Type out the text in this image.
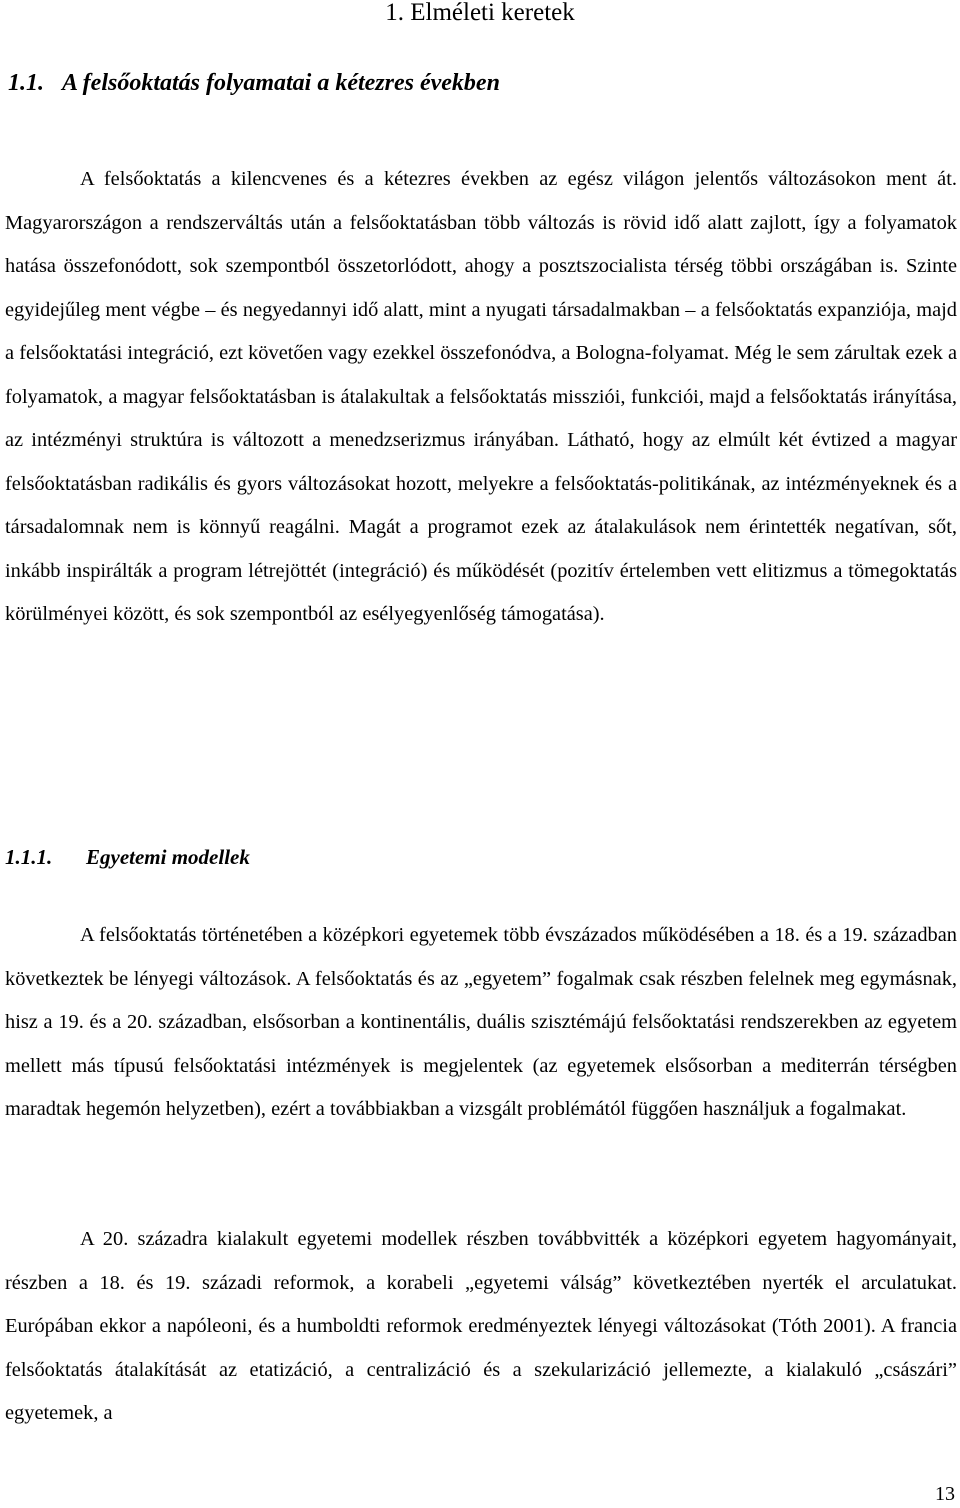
1. Elméleti keretek
1.1. A felsőoktatás folyamatai a kétezres években

A felsőoktatás a kilencvenes és a kétezres években az egész világon jelentős változásokon ment át. Magyarországon a rendszerváltás után a felsőoktatásban több változás is rövid idő alatt zajlott, így a folyamatok hatása összefonódott, sok szempontból összetorlódott, ahogy a posztszocialista térség többi országában is. Szinte egyidejűleg ment végbe – és negyedannyi idő alatt, mint a nyugati társadalmakban – a felsőoktatás expanziója, majd a felsőoktatási integráció, ezt követően vagy ezekkel összefonódva, a Bologna-folyamat. Még le sem zárultak ezek a folyamatok, a magyar felsőoktatásban is átalakultak a felsőoktatás missziói, funkciói, majd a felsőoktatás irányítása, az intézményi struktúra is változott a menedzserizmus irányában. Látható, hogy az elmúlt két évtized a magyar felsőoktatásban radikális és gyors változásokat hozott, melyekre a felsőoktatás-politikának, az intézményeknek és a társadalomnak nem is könnyű reagálni. Magát a programot ezek az átalakulások nem érintették negatívan, sőt, inkább inspirálták a program létrejöttét (integráció) és működését (pozitív értelemben vett elitizmus a tömegoktatás körülményei között, és sok szempontból az esélyegyenlőség támogatása).

1.1.1. Egyetemi modellek

A felsőoktatás történetében a középkori egyetemek több évszázados működésében a 18. és a 19. században következtek be lényegi változások. A felsőoktatás és az „egyetem” fogalmak csak részben felelnek meg egymásnak, hisz a 19. és a 20. században, elsősorban a kontinentális, duális szisztémájú felsőoktatási rendszerekben az egyetem mellett más típusú felsőoktatási intézmények is megjelentek (az egyetemek elsősorban a mediterrán térségben maradtak hegemón helyzetben), ezért a továbbiakban a vizsgált problémától függően használjuk a fogalmakat.

A 20. századra kialakult egyetemi modellek részben továbbvitték a középkori egyetem hagyományait, részben a 18. és 19. századi reformok, a korabeli „egyetemi válság” következtében nyerték el arculatukat. Európában ekkor a napóleoni, és a humboldti reformok eredményeztek lényegi változásokat (Tóth 2001). A francia felsőoktatás átalakítását az etatizáció, a centralizáció és a szekularizáció jellemezte, a kialakuló „császári” egyetemek, a

13
